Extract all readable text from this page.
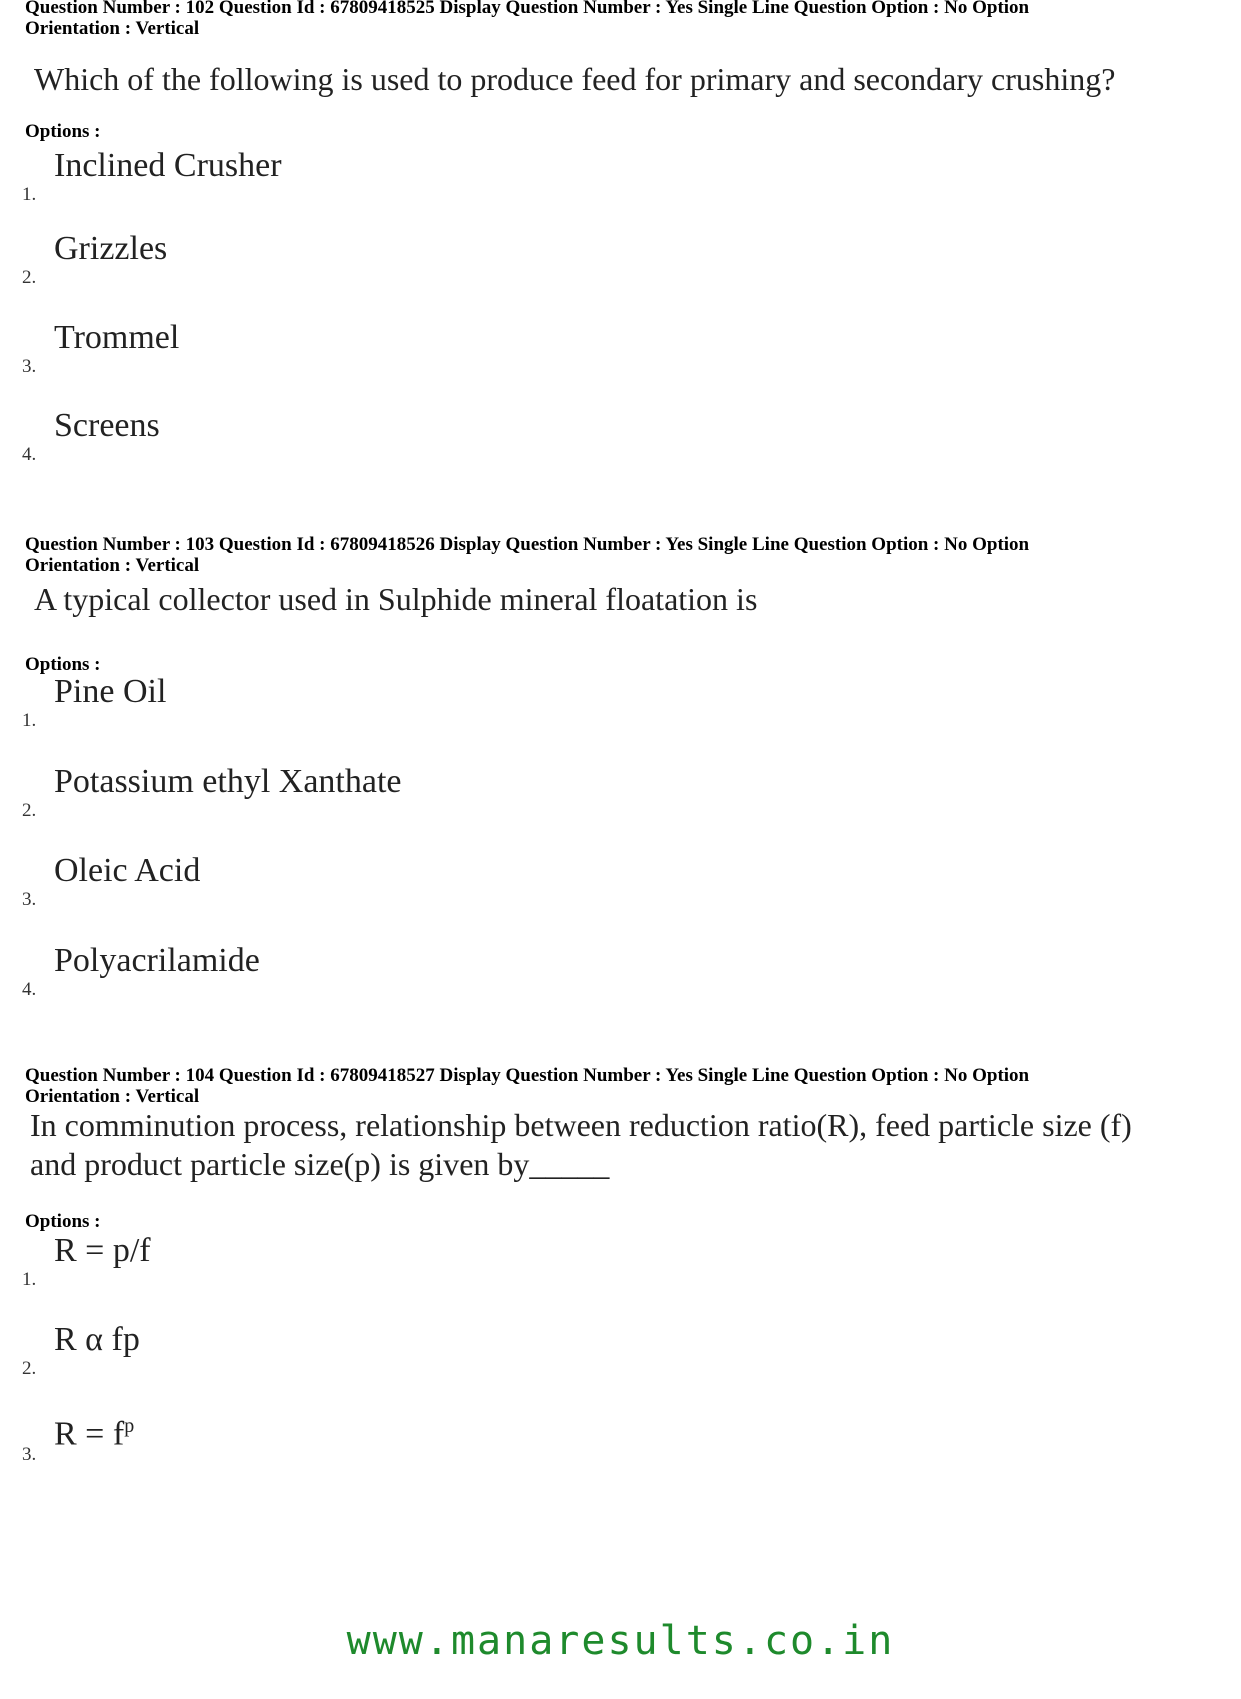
Question Number : 102 Question Id : 67809418525 Display Question Number : Yes Single Line Question Option : No Option
Orientation : Vertical
Which of the following is used to produce feed for primary and secondary crushing?
Options :
1.
Inclined Crusher
2.
Grizzles
3.
Trommel
4.
Screens
Question Number : 103 Question Id : 67809418526 Display Question Number : Yes Single Line Question Option : No Option
Orientation : Vertical
A typical collector used in Sulphide mineral floatation is
Options :
1.
Pine Oil
2.
Potassium ethyl Xanthate
3.
Oleic Acid
4.
Polyacrilamide
Question Number : 104 Question Id : 67809418527 Display Question Number : Yes Single Line Question Option : No Option
Orientation : Vertical
In comminution process, relationship between reduction ratio(R), feed particle size (f)
and product particle size(p) is given by_____
Options :
1.
R = p/f
2.
R α fp
3.
$R = f^p$
www.manaresults.co.in
